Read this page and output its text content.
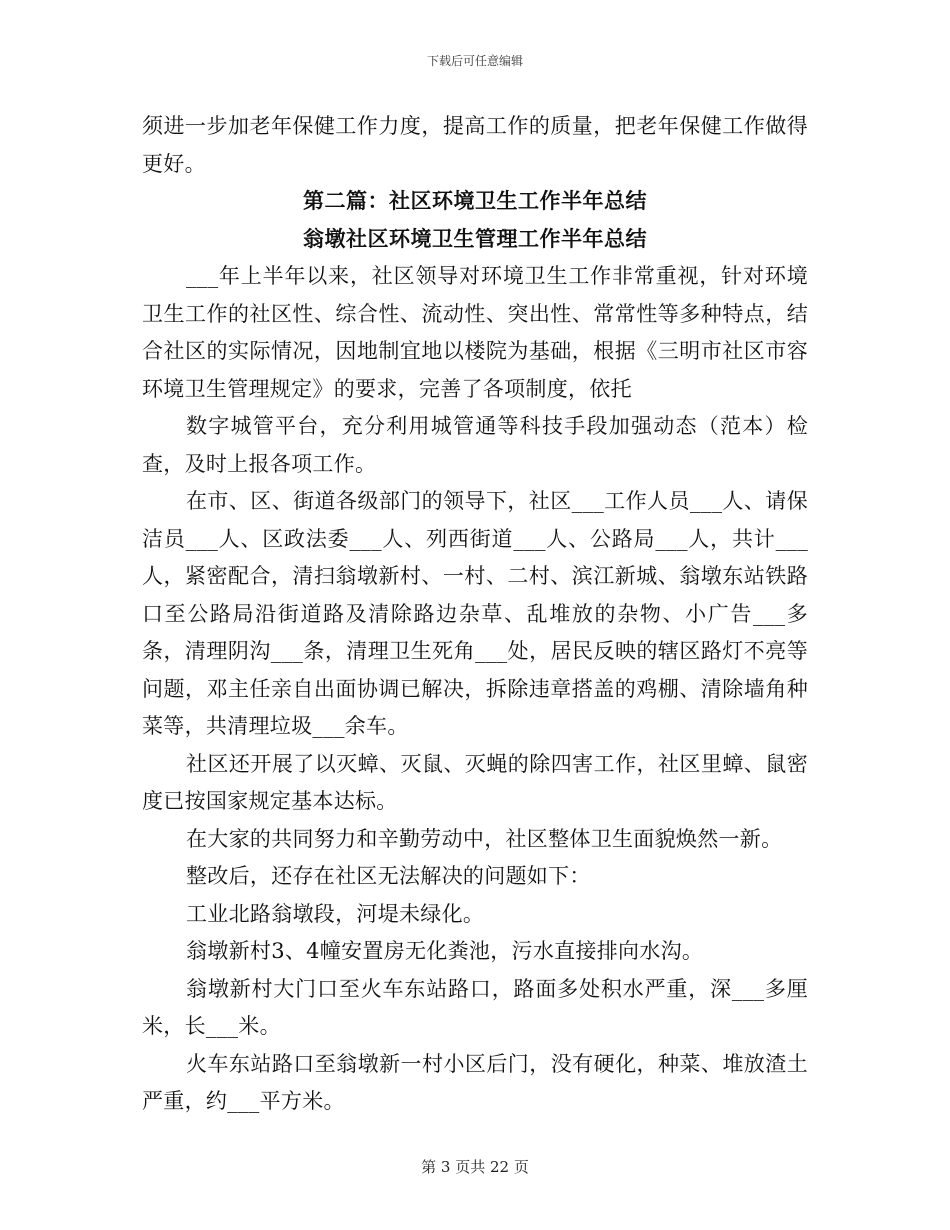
下载后可任意编辑

须进一步加老年保健工作力度，提高工作的质量，把老年保健工作做得更好。

第二篇：社区环境卫生工作半年总结

翁墩社区环境卫生管理工作半年总结

___年上半年以来，社区领导对环境卫生工作非常重视，针对环境卫生工作的社区性、综合性、流动性、突出性、常常性等多种特点，结合社区的实际情况，因地制宜地以楼院为基础，根据《三明市社区市容环境卫生管理规定》的要求，完善了各项制度，依托

数字城管平台，充分利用城管通等科技手段加强动态（范本）检查，及时上报各项工作。

在市、区、街道各级部门的领导下，社区___工作人员___人、请保洁员___人、区政法委___人、列西街道___人、公路局___人，共计___人，紧密配合，清扫翁墩新村、一村、二村、滨江新城、翁墩东站铁路口至公路局沿街道路及清除路边杂草、乱堆放的杂物、小广告___多条，清理阴沟___条，清理卫生死角___处，居民反映的辖区路灯不亮等问题，邓主任亲自出面协调已解决，拆除违章搭盖的鸡棚、清除墙角种菜等，共清理垃圾___余车。

社区还开展了以灭蟑、灭鼠、灭蝇的除四害工作，社区里蟑、鼠密度已按国家规定基本达标。

在大家的共同努力和辛勤劳动中，社区整体卫生面貌焕然一新。

整改后，还存在社区无法解决的问题如下：

工业北路翁墩段，河堤未绿化。

翁墩新村3、4幢安置房无化粪池，污水直接排向水沟。

翁墩新村大门口至火车东站路口，路面多处积水严重，深___多厘米，长___米。

火车东站路口至翁墩新一村小区后门，没有硬化，种菜、堆放渣土严重，约___平方米。

第 3 页共 22 页
